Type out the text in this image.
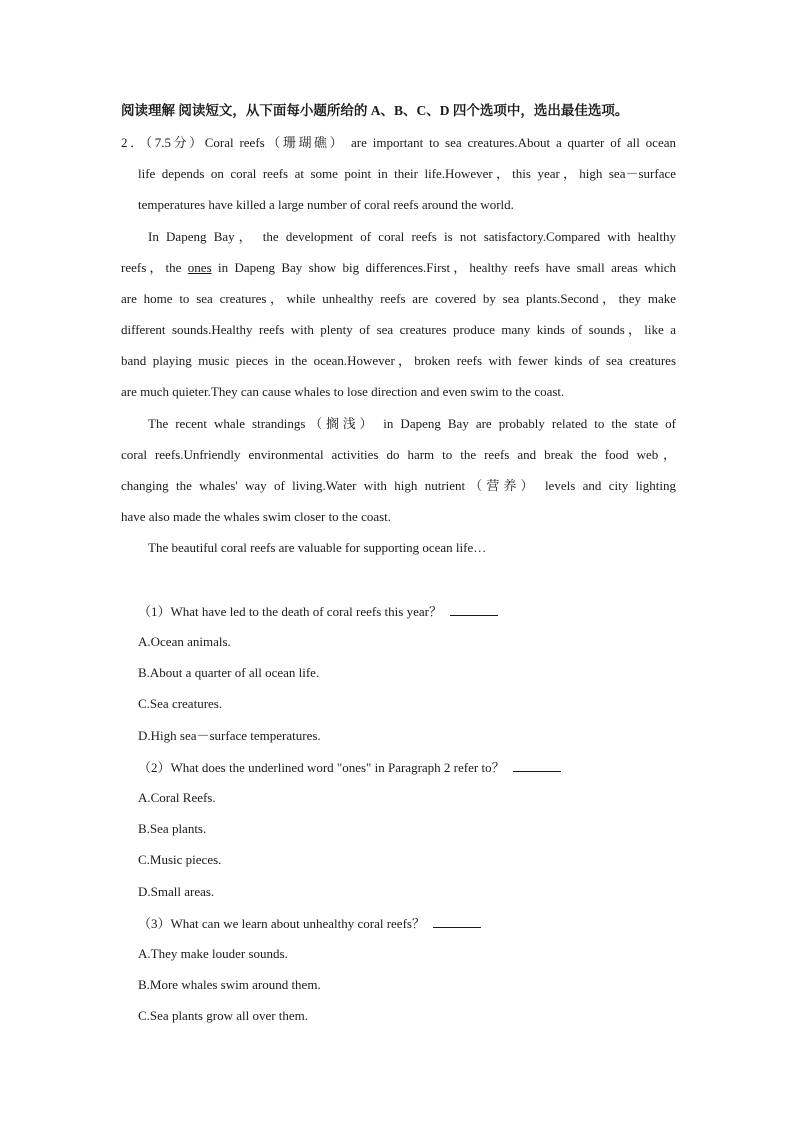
阅读理解 阅读短文，从下面每小题所给的 A、B、C、D 四个选项中，选出最佳选项。
2．（7.5分）Coral reefs（珊瑚礁） are important to sea creatures.About a quarter of all ocean
life depends on coral reefs at some point in their life.However，this year，high sea－surface
temperatures have killed a large number of coral reefs around the world.
In Dapeng Bay， the development of coral reefs is not satisfactory.Compared with healthy
reefs，the ones in Dapeng Bay show big differences.First，healthy reefs have small areas which
are home to sea creatures，while unhealthy reefs are covered by sea plants.Second，they make
different sounds.Healthy reefs with plenty of sea creatures produce many kinds of sounds，like a
band playing music pieces in the ocean.However，broken reefs with fewer kinds of sea creatures
are much quieter.They can cause whales to lose direction and even swim to the coast.
The recent whale strandings（搁浅） in Dapeng Bay are probably related to the state of
coral reefs.Unfriendly environmental activities do harm to the reefs and break the food web，
changing the whales' way of living.Water with high nutrient（营养） levels and city lighting
have also made the whales swim closer to the coast.
The beautiful coral reefs are valuable for supporting ocean life…
（1）What have led to the death of coral reefs this year？
A.Ocean animals.
B.About a quarter of all ocean life.
C.Sea creatures.
D.High sea－surface temperatures.
（2）What does the underlined word "ones" in Paragraph 2 refer to？
A.Coral Reefs.
B.Sea plants.
C.Music pieces.
D.Small areas.
（3）What can we learn about unhealthy coral reefs？
A.They make louder sounds.
B.More whales swim around them.
C.Sea plants grow all over them.
